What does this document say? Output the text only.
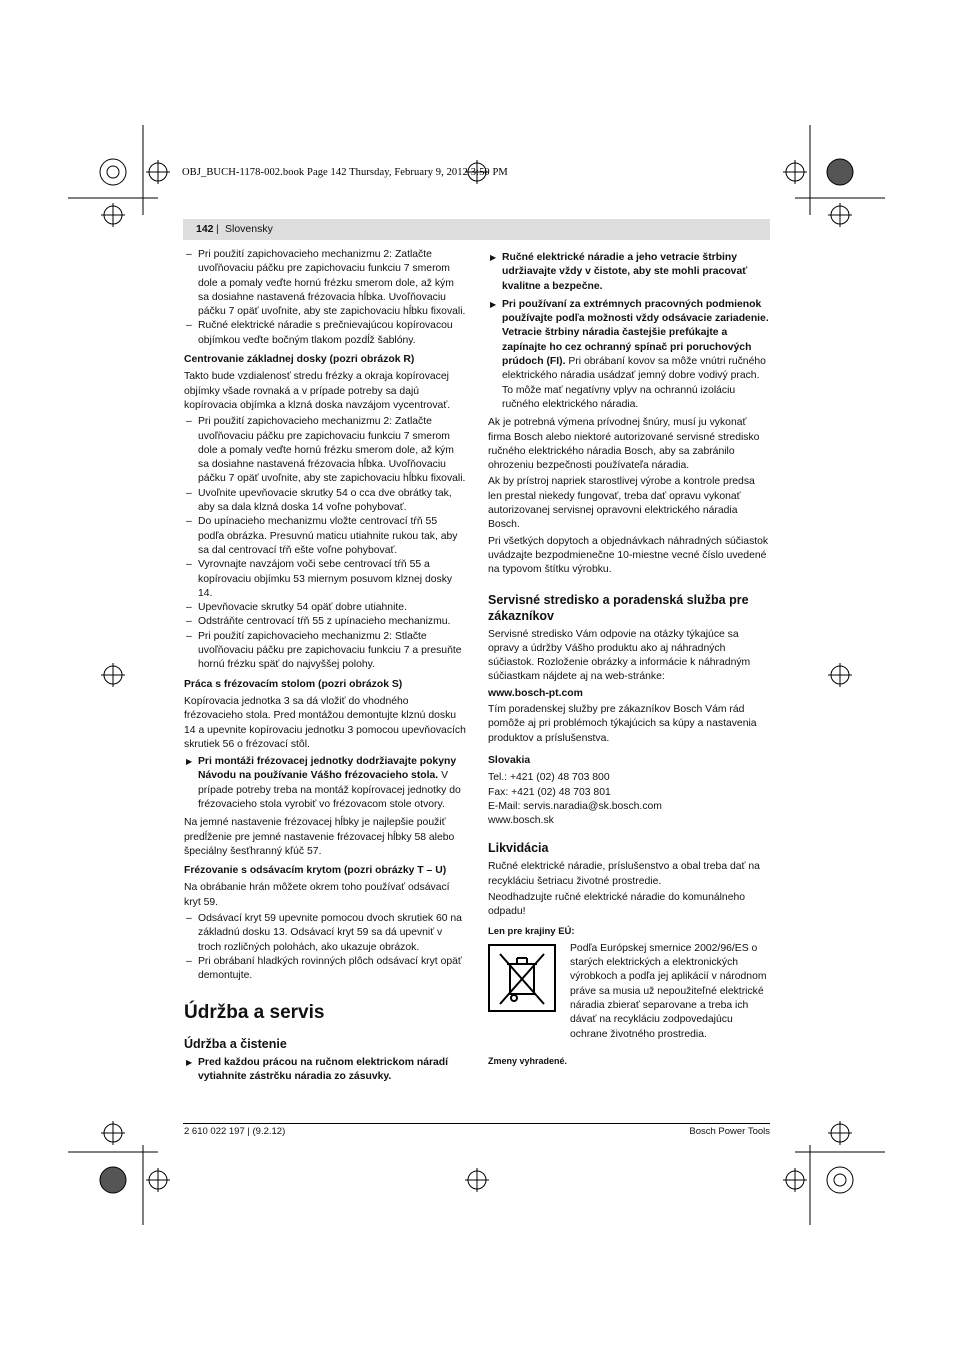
OBJ_BUCH-1178-002.book Page 142 Thursday, February 9, 2012 3:50 PM
142 | Slovensky

– Pri použití zapichovacieho mechanizmu 2: Zatlačte uvoľňovaciu páčku pre zapichovaciu funkciu 7 smerom dole a pomaly veďte hornú frézku smerom dole, až kým sa dosiahne nastavená frézovacia hĺbka. Uvoľňovaciu páčku 7 opäť uvoľnite, aby ste zapichovaciu hĺbku fixovali.

– Ručné elektrické náradie s prečnievajúcou kopírovacou objímkou veďte bočným tlakom pozdĺž šablóny.

Centrovanie základnej dosky (pozri obrázok R)

Takto bude vzdialenosť stredu frézky a okraja kopírovacej objímky všade rovnaká a v prípade potreby sa dajú kopírovacia objímka a klzná doska navzájom vycentrovať.

– Pri použití zapichovacieho mechanizmu 2: Zatlačte uvoľňovaciu páčku pre zapichovaciu funkciu 7 smerom dole a pomaly veďte hornú frézku smerom dole, až kým sa dosiahne nastavená frézovacia hĺbka. Uvoľňovaciu páčku 7 opäť uvoľnite, aby ste zapichovaciu hĺbku fixovali.

– Uvoľnite upevňovacie skrutky 54 o cca dve obrátky tak, aby sa dala klzná doska 14 voľne pohybovať.

– Do upínacieho mechanizmu vložte centrovací tŕň 55 podľa obrázka. Presuvnú maticu utiahnite rukou tak, aby sa dal centrovací tŕň ešte voľne pohybovať.

– Vyrovnajte navzájom voči sebe centrovací tŕň 55 a kopírovaciu objímku 53 miernym posuvom klznej dosky 14.

– Upevňovacie skrutky 54 opäť dobre utiahnite.

– Odstráňte centrovací tŕň 55 z upínacieho mechanizmu.

– Pri použití zapichovacieho mechanizmu 2: Stlačte uvoľňovaciu páčku pre zapichovaciu funkciu 7 a presuňte hornú frézku späť do najvyššej polohy.

Práca s frézovacím stolom (pozri obrázok S)

Kopírovacia jednotka 3 sa dá vložiť do vhodného frézovacieho stola. Pred montážou demontujte klznú dosku 14 a upevnite kopírovaciu jednotku 3 pomocou upevňovacích skrutiek 56 o frézovací stôl.

▶ Pri montáži frézovacej jednotky dodržiavajte pokyny Návodu na používanie Vášho frézovacieho stola. V prípade potreby treba na montáž kopírovacej jednotky do frézovacieho stola vyrobiť vo frézovacom stole otvory.

Na jemné nastavenie frézovacej hĺbky je najlepšie použiť predĺženie pre jemné nastavenie frézovacej hĺbky 58 alebo špeciálny šesťhranný kľúč 57.

Frézovanie s odsávacím krytom (pozri obrázky T – U)

Na obrábanie hrán môžete okrem toho používať odsávací kryt 59.

– Odsávací kryt 59 upevnite pomocou dvoch skrutiek 60 na základnú dosku 13. Odsávací kryt 59 sa dá upevniť v troch rozličných polohách, ako ukazuje obrázok.

– Pri obrábaní hladkých rovinných plôch odsávací kryt opäť demontujte.

Údržba a servis

Údržba a čistenie

▶ Pred každou prácou na ručnom elektrickom náradí vytiahnite zástrčku náradia zo zásuvky.

▶ Ručné elektrické náradie a jeho vetracie štrbiny udržiavajte vždy v čistote, aby ste mohli pracovať kvalitne a bezpečne.

▶ Pri používaní za extrémnych pracovných podmienok používajte podľa možnosti vždy odsávacie zariadenie. Vetracie štrbiny náradia častejšie prefúkajte a zapínajte ho cez ochranný spínač pri poruchových prúdoch (FI). Pri obrábaní kovov sa môže vnútri ručného elektrického náradia usádzať jemný dobre vodivý prach. To môže mať negatívny vplyv na ochrannú izoláciu ručného elektrického náradia.

Ak je potrebná výmena prívodnej šnúry, musí ju vykonať firma Bosch alebo niektoré autorizované servisné stredisko ručného elektrického náradia Bosch, aby sa zabránilo ohrozeniu bezpečnosti používateľa náradia.

Ak by prístroj napriek starostlivej výrobe a kontrole predsa len prestal niekedy fungovať, treba dať opravu vykonať autorizovanej servisnej opravovni elektrického náradia Bosch.

Pri všetkých dopytoch a objednávkach náhradných súčiastok uvádzajte bezpodmienečne 10-miestne vecné číslo uvedené na typovom štítku výrobku.

Servisné stredisko a poradenská služba pre zákazníkov

Servisné stredisko Vám odpovie na otázky týkajúce sa opravy a údržby Vášho produktu ako aj náhradných súčiastok. Rozloženie obrázky a informácie k náhradným súčiastkam nájdete aj na web-stránke:

www.bosch-pt.com

Tím poradenskej služby pre zákazníkov Bosch Vám rád pomôže aj pri problémoch týkajúcich sa kúpy a nastavenia produktov a príslušenstva.

Slovakia

Tel.: +421 (02) 48 703 800

Fax: +421 (02) 48 703 801

E-Mail: servis.naradia@sk.bosch.com

www.bosch.sk

Likvidácia

Ručné elektrické náradie, príslušenstvo a obal treba dať na recykláciu šetriacu životné prostredie.

Neodhadzujte ručné elektrické náradie do komunálneho odpadu!

Len pre krajiny EÚ:

Podľa Európskej smernice 2002/96/ES o starých elektrických a elektronických výrobkoch a podľa jej aplikácií v národnom práve sa musia už nepoužiteľné elektrické náradia zbierať separovane a treba ich dávať na recykláciu zodpovedajúcu ochrane životného prostredia.

Zmeny vyhradené.

2 610 022 197 | (9.2.12)	Bosch Power Tools
